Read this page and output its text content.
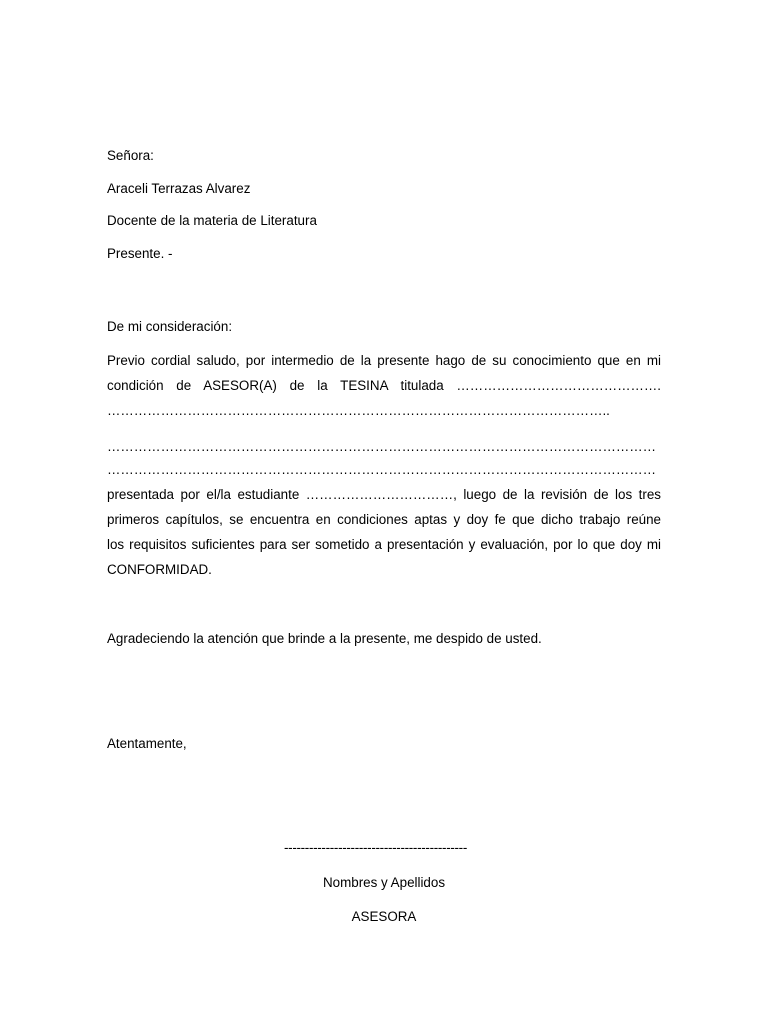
Señora:
Araceli Terrazas Alvarez
Docente de la materia de Literatura
Presente. -
De mi consideración:
Previo cordial saludo, por intermedio de la presente hago de su conocimiento que en mi
condición de ASESOR(A) de la TESINA titulada ……………………………………….
…………………………………………………………………………………………………..
……………………………………………………………………………………………………………
……………………………………………………………………………………………………………
presentada por el/la estudiante ……………………………, luego de la revisión de los tres
primeros capítulos, se encuentra en condiciones aptas y doy fe que dicho trabajo reúne
los requisitos suficientes para ser sometido a presentación y evaluación, por lo que doy mi
CONFORMIDAD.
Agradeciendo la atención que brinde a la presente, me despido de usted.
Atentamente,
--------------------------------------------
Nombres y Apellidos
ASESORA
